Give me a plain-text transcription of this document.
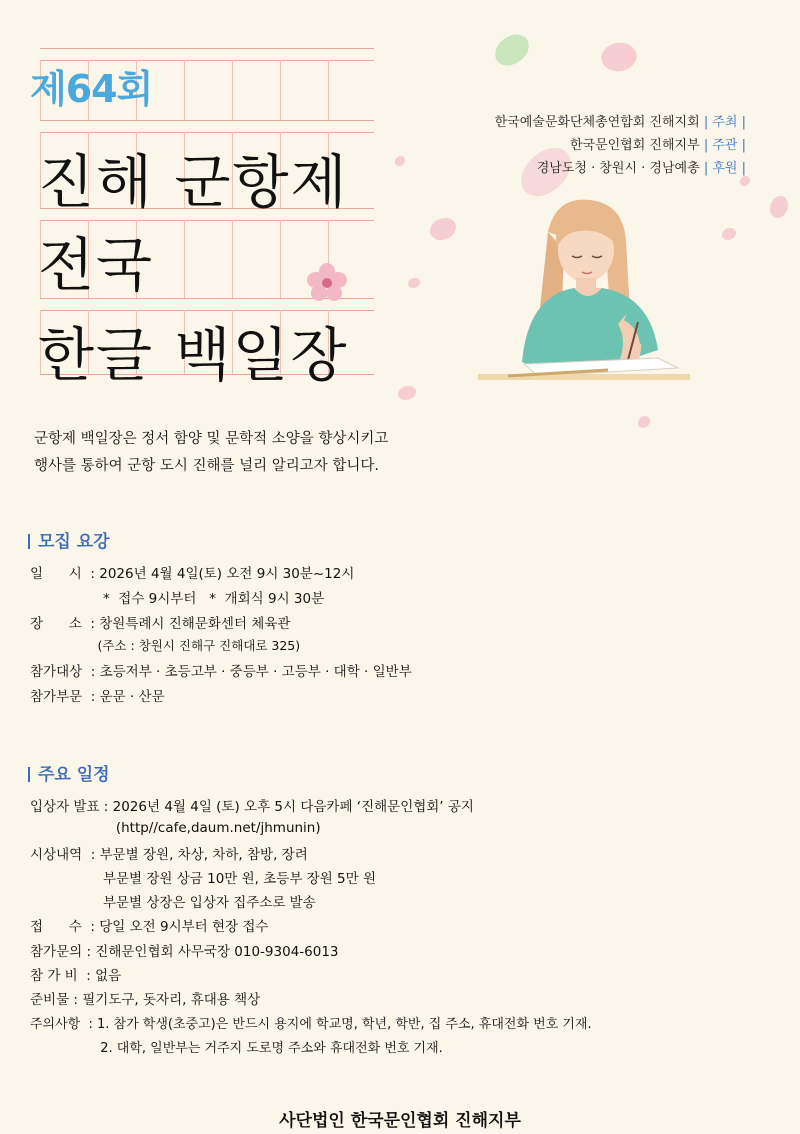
제64회
진해 군항제
전국
한글 백일장
한국예술문화단체총연합회 진해지회 | 주최 |
한국문인협회 진해지부 | 주관 |
경남도청 · 창원시 · 경남예총 | 후원 |
군항제 백일장은 정서 함양 및 문학적 소양을 향상시키고
행사를 통하여 군항 도시 진해를 널리 알리고자 합니다.
모집 요강
일      시  : 2026년 4월 4일(토) 오전 9시 30분~12시
*  접수 9시부터   *  개회식 9시 30분
장      소  : 창원특례시 진해문화센터 체육관
(주소 : 창원시 진해구 진해대로 325)
참가대상  : 초등저부 · 초등고부 · 중등부 · 고등부 · 대학 · 일반부
참가부문  : 운문 · 산문
주요 일정
입상자 발표 : 2026년 4월 4일 (토) 오후 5시 다음카페 ‘진해문인협회’ 공지
(http//cafe,daum.net/jhmunin)
시상내역  : 부문별 장원, 차상, 차하, 참방, 장려
부문별 장원 상금 10만 원, 초등부 장원 5만 원
부문별 상장은 입상자 집주소로 발송
접      수  : 당일 오전 9시부터 현장 접수
참가문의 : 진해문인협회 사무국장 010-9304-6013
참 가 비  : 없음
준비물 : 필기도구, 돗자리, 휴대용 책상
주의사항  : 1. 참가 학생(초중고)은 반드시 용지에 학교명, 학년, 학반, 집 주소, 휴대전화 번호 기재.
2. 대학, 일반부는 거주지 도로명 주소와 휴대전화 번호 기재.
사단법인 한국문인협회 진해지부
